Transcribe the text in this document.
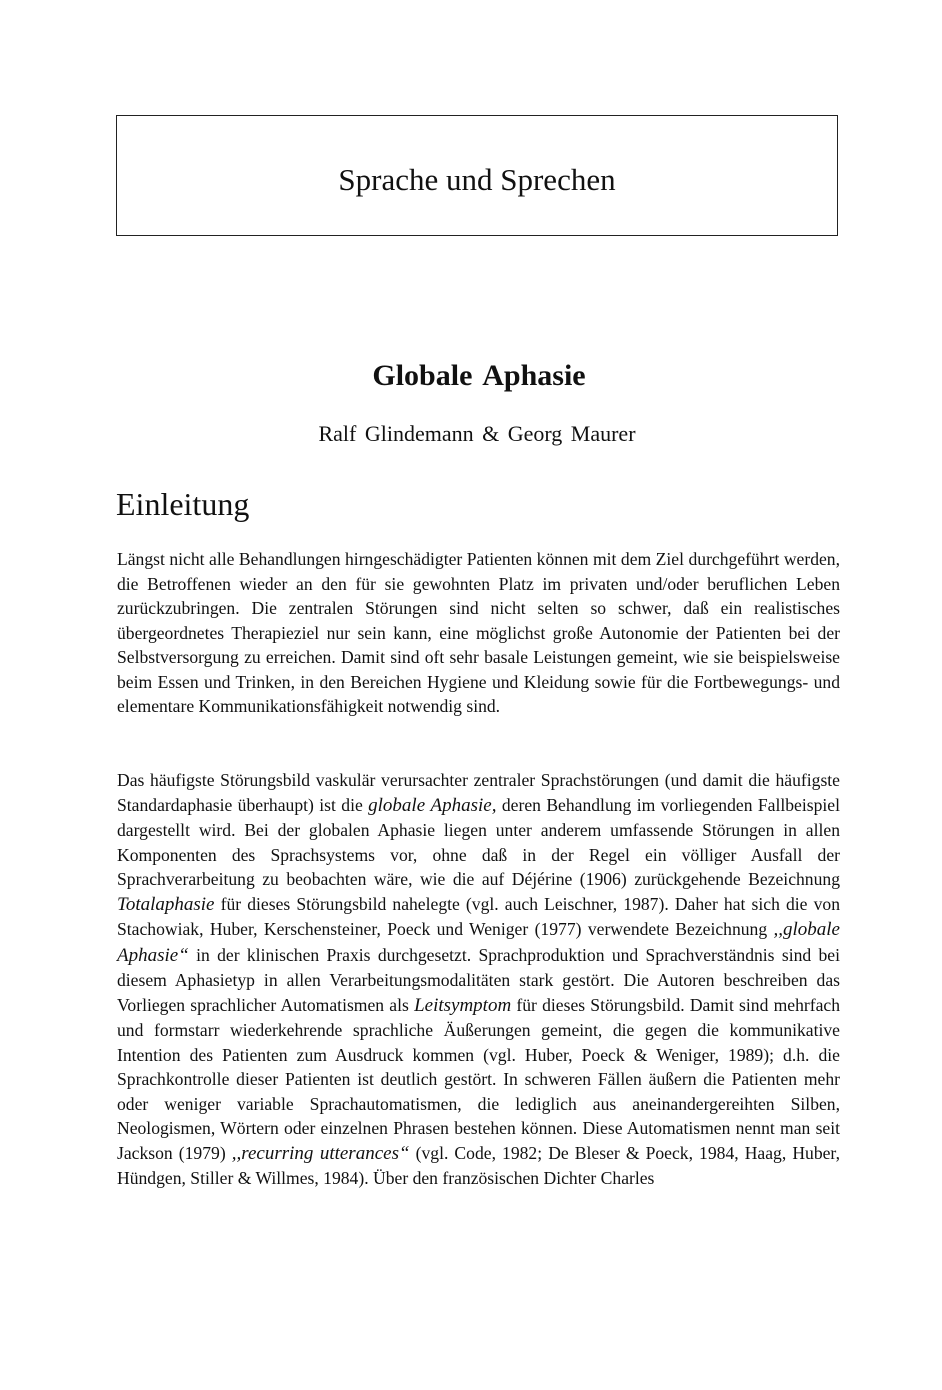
Sprache und Sprechen
Globale Aphasie
Ralf Glindemann & Georg Maurer
Einleitung

Längst nicht alle Behandlungen hirngeschädigter Patienten können mit dem Ziel durchgeführt werden, die Betroffenen wieder an den für sie gewohnten Platz im privaten und/oder beruflichen Leben zurückzubringen. Die zentralen Störungen sind nicht selten so schwer, daß ein realistisches übergeordnetes Therapieziel nur sein kann, eine möglichst große Autonomie der Patienten bei der Selbstversorgung zu erreichen. Damit sind oft sehr basale Leistungen gemeint, wie sie beispielsweise beim Essen und Trinken, in den Bereichen Hygiene und Kleidung sowie für die Fortbewegungs- und elementare Kommunikationsfähigkeit notwendig sind.

Das häufigste Störungsbild vaskulär verursachter zentraler Sprachstörungen (und damit die häufigste Standardaphasie überhaupt) ist die globale Aphasie, deren Behandlung im vorliegenden Fallbeispiel dargestellt wird. Bei der globalen Aphasie liegen unter anderem umfassende Störungen in allen Komponenten des Sprachsystems vor, ohne daß in der Regel ein völliger Ausfall der Sprachverarbeitung zu beobachten wäre, wie die auf Déjérine (1906) zurückgehende Bezeichnung Totalaphasie für dieses Störungsbild nahelegte (vgl. auch Leischner, 1987). Daher hat sich die von Stachowiak, Huber, Kerschensteiner, Poeck und Weniger (1977) verwendete Bezeichnung ,,globale Aphasie“ in der klinischen Praxis durchgesetzt. Sprachproduktion und Sprachverständnis sind bei diesem Aphasietyp in allen Verarbeitungsmodalitäten stark gestört. Die Autoren beschreiben das Vorliegen sprachlicher Automatismen als Leitsymptom für dieses Störungsbild. Damit sind mehrfach und formstarr wiederkehrende sprachliche Äußerungen gemeint, die gegen die kommunikative Intention des Patienten zum Ausdruck kommen (vgl. Huber, Poeck & Weniger, 1989); d.h. die Sprachkontrolle dieser Patienten ist deutlich gestört. In schweren Fällen äußern die Patienten mehr oder weniger variable Sprachautomatismen, die lediglich aus aneinandergereihten Silben, Neologismen, Wörtern oder einzelnen Phrasen bestehen können. Diese Automatismen nennt man seit Jackson (1979) ,,recurring utterances“ (vgl. Code, 1982; De Bleser & Poeck, 1984, Haag, Huber, Hündgen, Stiller & Willmes, 1984). Über den französischen Dichter Charles
